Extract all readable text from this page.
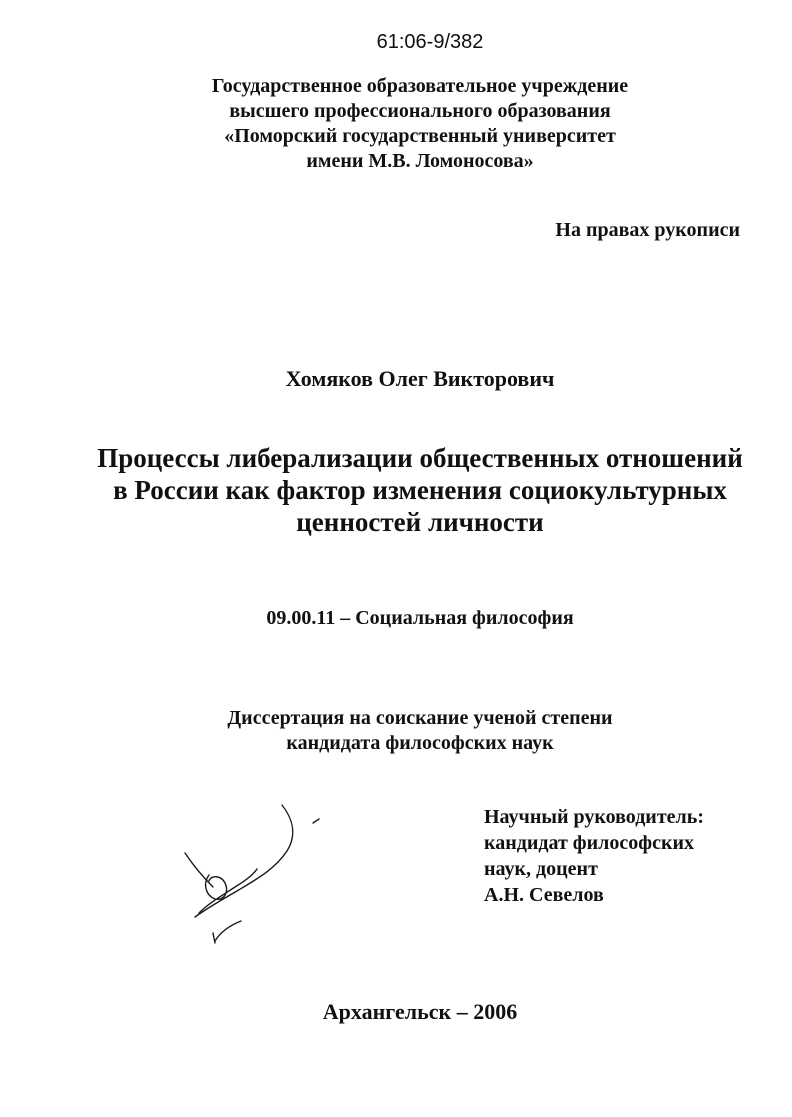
61:06-9/382
Государственное образовательное учреждение
высшего профессионального образования
«Поморский государственный университет
имени М.В. Ломоносова»
На правах рукописи
Хомяков Олег Викторович
Процессы либерализации общественных отношений
в России как фактор изменения социокультурных
ценностей личности
09.00.11 – Социальная философия
Диссертация на соискание ученой степени
кандидата философских наук
Научный руководитель:
кандидат философских
наук, доцент
А.Н. Севелов
Архангельск – 2006
